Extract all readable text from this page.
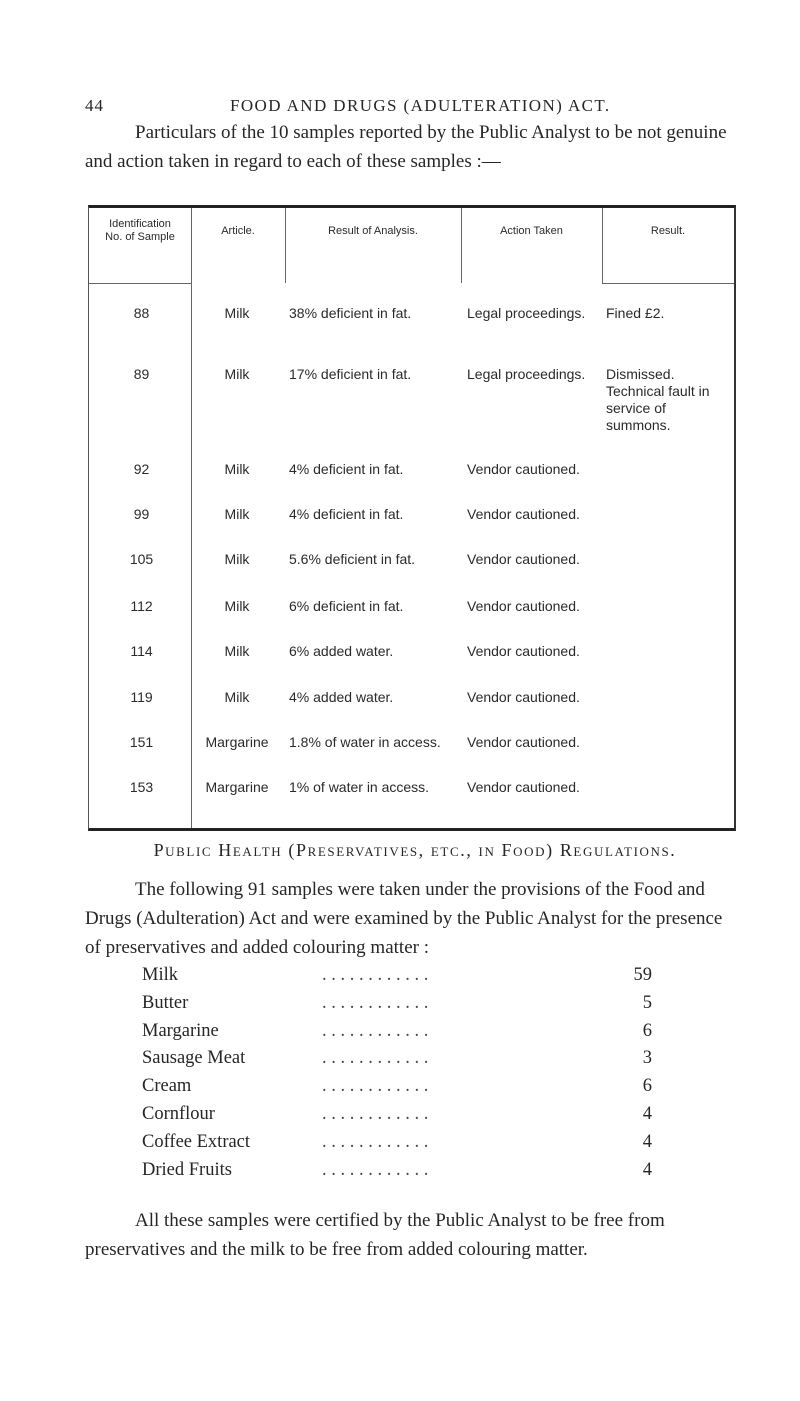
44	FOOD AND DRUGS (ADULTERATION) ACT.
Particulars of the 10 samples reported by the Public Analyst to be not genuine and action taken in regard to each of these samples :—
Identification
No. of Sample	Article.	Result of Analysis.	Action Taken	Result.
88	Milk	38% deficient in fat.	Legal proceedings.	Fined £2.
89	Milk	17% deficient in fat.	Legal proceedings.	Dismissed. Technical fault in service of summons.
92	Milk	4% deficient in fat.	Vendor cautioned.
99	Milk	4% deficient in fat.	Vendor cautioned.
105	Milk	5.6% deficient in fat.	Vendor cautioned.
112	Milk	6% deficient in fat.	Vendor cautioned.
114	Milk	6% added water.	Vendor cautioned.
119	Milk	4% added water.	Vendor cautioned.
151	Margarine	1.8% of water in access.	Vendor cautioned.
153	Margarine	1% of water in access.	Vendor cautioned.
Public Health (Preservatives, etc., in Food) Regulations.
The following 91 samples were taken under the provisions of the Food and Drugs (Adulteration) Act and were examined by the Public Analyst for the presence of preservatives and added colouring matter :
Milk	. . . . . . . . . . . .	59
Butter	. . . . . . . . . . . .	5
Margarine	. . . . . . . . . . . .	6
Sausage Meat	. . . . . . . . . . . .	3
Cream	. . . . . . . . . . . .	6
Cornflour	. . . . . . . . . . . .	4
Coffee Extract	. . . . . . . . . . . .	4
Dried Fruits	. . . . . . . . . . . .	4
All these samples were certified by the Public Analyst to be free from preservatives and the milk to be free from added colouring matter.
